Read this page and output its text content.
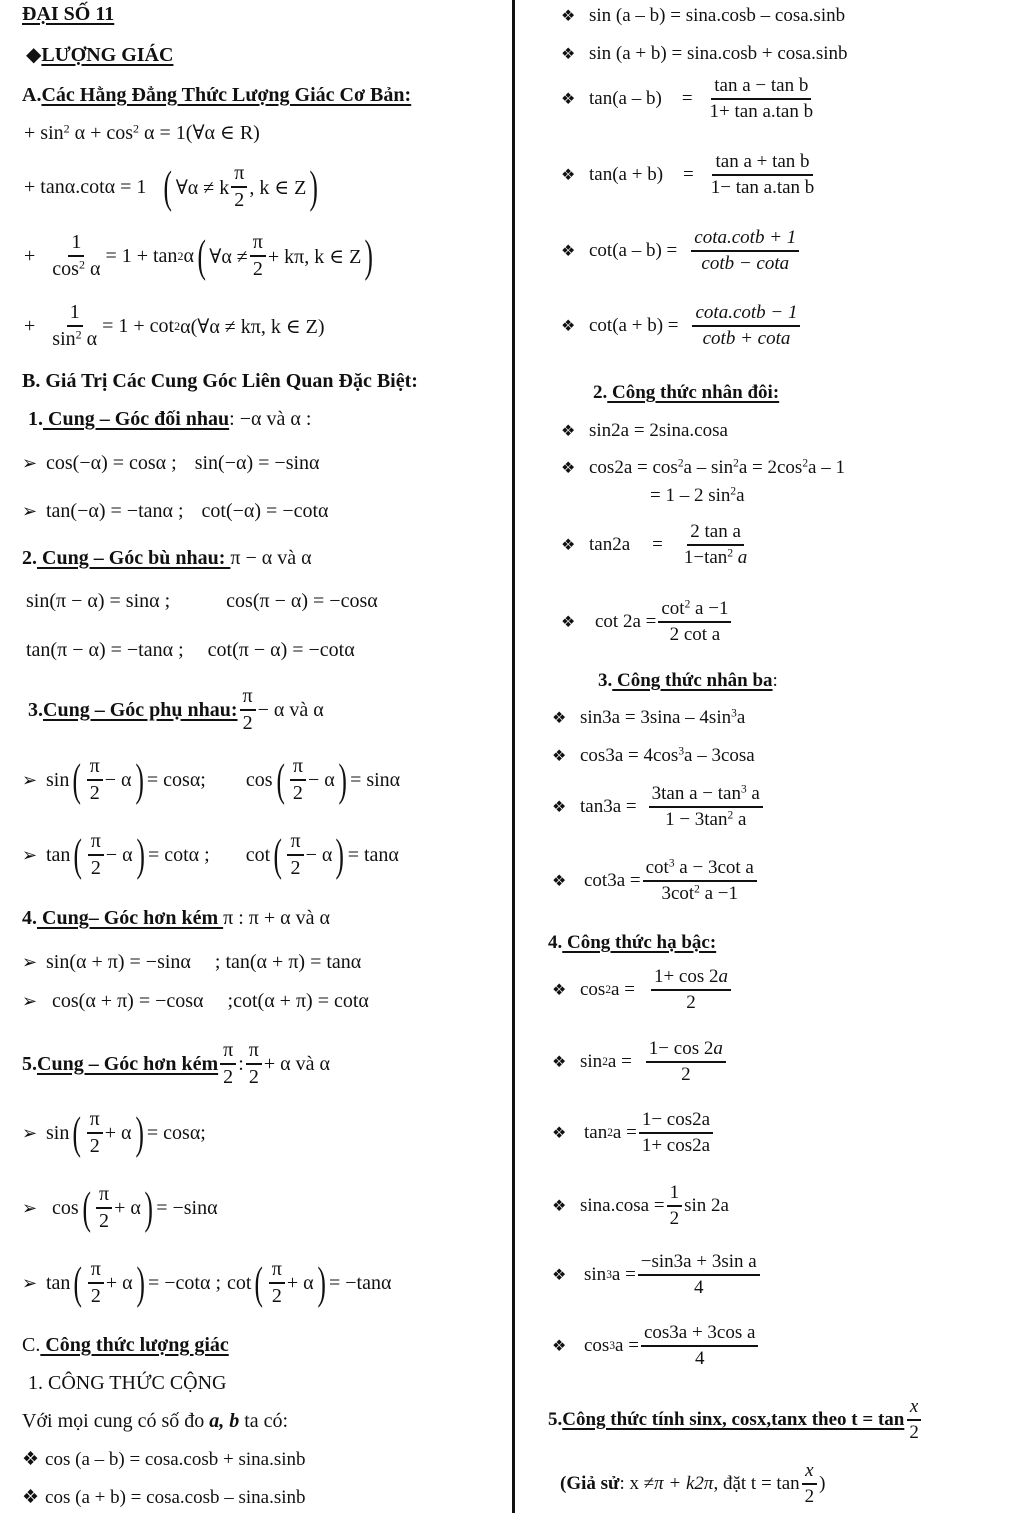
ĐẠI SỐ 11
◆LƯỢNG GIÁC
A.Các Hằng Đẳng Thức Lượng Giác Cơ Bản:
+ $\sin^2 \alpha + \cos^2 \alpha$ = 1(∀α ∈ R)
+ tanα.cotα = 1 ( ∀α ≠ k $\frac{\pi}{2}$ , k ∈ Z )
+ $\frac{1}{\cos^2 \alpha} = 1 + \tan 2$ α ( ∀α ≠ $\frac{\pi}{2} + k\pi$, k ∈ Z )
+ $\frac{1}{\sin^2 \alpha} = 1 + \cot 2$ α(∀α ≠ kπ, k ∈ Z)
B. Giá Trị Các Cung Góc Liên Quan Đặc Biệt:
1. Cung – Góc đối nhau: −α và α :
➢ cos(−α) = cosα ; sin(−α) = −sinα
➢ tan(−α) = −tanα ; cot(−α) = −cotα
2. Cung – Góc bù nhau: π − α và α
sin(π − α) = sinα ;	cos(π − α) = −cosα
tan(π − α) = −tanα ; cot(π − α) = −cotα
3. Cung – Góc phụ nhau: $\frac{\pi}{2} - \alpha$ và α
➢ sin ( $\frac{\pi}{2} - \alpha$ ) = cosα; cos ( $\frac{\pi}{2} - \alpha$ ) = sinα
➢ tan ( $\frac{\pi}{2} - \alpha$ ) = cotα ; cot ( $\frac{\pi}{2} - \alpha$ ) = tanα
4. Cung– Góc hơn kém π : π + α và α
➢ sin(α + π) = −sinα ; tan(α + π) = tanα
➢ cos(α + π) = −cosα ;cot(α + π) = cotα
5. Cung – Góc hơn kém $\frac{\pi}{2}$ : $\frac{\pi}{2} + \alpha$ và α
➢ sin ( $\frac{\pi}{2} + \alpha$ ) = cosα;
➢ cos ( $\frac{\pi}{2} + \alpha$ ) = −sinα
➢ tan ( $\frac{\pi}{2} + \alpha$ ) = −cotα ; cot ( $\frac{\pi}{2} + \alpha$ ) = −tanα
C. Công thức lượng giác
1. CÔNG THỨC CỘNG
Với mọi cung có số đo a, b ta có:
❖ cos (a – b) = cosa.cosb + sina.sinb
❖ cos (a + b) = cosa.cosb – sina.sinb
❖ sin (a – b) = sina.cosb – cosa.sinb
❖ sin (a + b) = sina.cosb + cosa.sinb
❖ $\tan(a - b) = \frac{\text{tan a − tan b}}{\text{1+ tan a.tan b}}$
❖ $\tan(a + b) = \frac{\text{tan a + tan b}}{\text{1− tan a.tan b}}$
❖ $\cot(a - b) = \frac{\cot a.\cot b + 1}{\cot b - \cot a}$
❖ $\cot(a + b) = \frac{\cot a.\cot b - 1}{\cot b + \cot a}$
2. Công thức nhân đôi:
❖ sin2a = 2sina.cosa
❖ $\cos 2a = \cos^2a - \sin^2a = 2\cos^2a - 1$
= 1 – 2 $\sin^2a$
❖ $\tan 2a = \frac{\text{2 tan a}}{1-\tan^2 a}$
❖	$\cot 2a = \frac{\cot^2 a -1}{\text{2 cot a}}$
3. Công thức nhân ba:
❖ $\sin 3a = 3\sin a - 4\sin^3a$
❖ $\cos 3a = 4\cos^3a - 3\cos a$
❖ $\tan 3a = \frac{3\tan a - \tan^3 a}{1 - 3\tan^2 a}$
❖ $\cot 3a = \frac{\cot^3 a - 3\cot a}{3\cot^2 a -1}$
4. Công thức hạ bậc:
❖ cos 2 $a = \frac{1+ \cos 2a}{2}$
❖ sin 2 $a = \frac{1- \cos 2a}{2}$
❖ tan 2 $a = \frac{1- \cos 2a}{1+ \cos 2a}$
❖ $\sin a.\cos a = \frac{1}{2}$ sin 2a
❖ sin 3 $a = \frac{\text{−sin3a + 3sin a}}{4}$
❖ cos 3 $a = \frac{\text{cos3a + 3cos a}}{4}$
5. Công thức tính sinx, cosx,tanx theo $t = \tan \frac{x}{2}$
(Giả sử : x ≠ π + k2π , đặt $t = \tan \frac{x}{2}$ )
